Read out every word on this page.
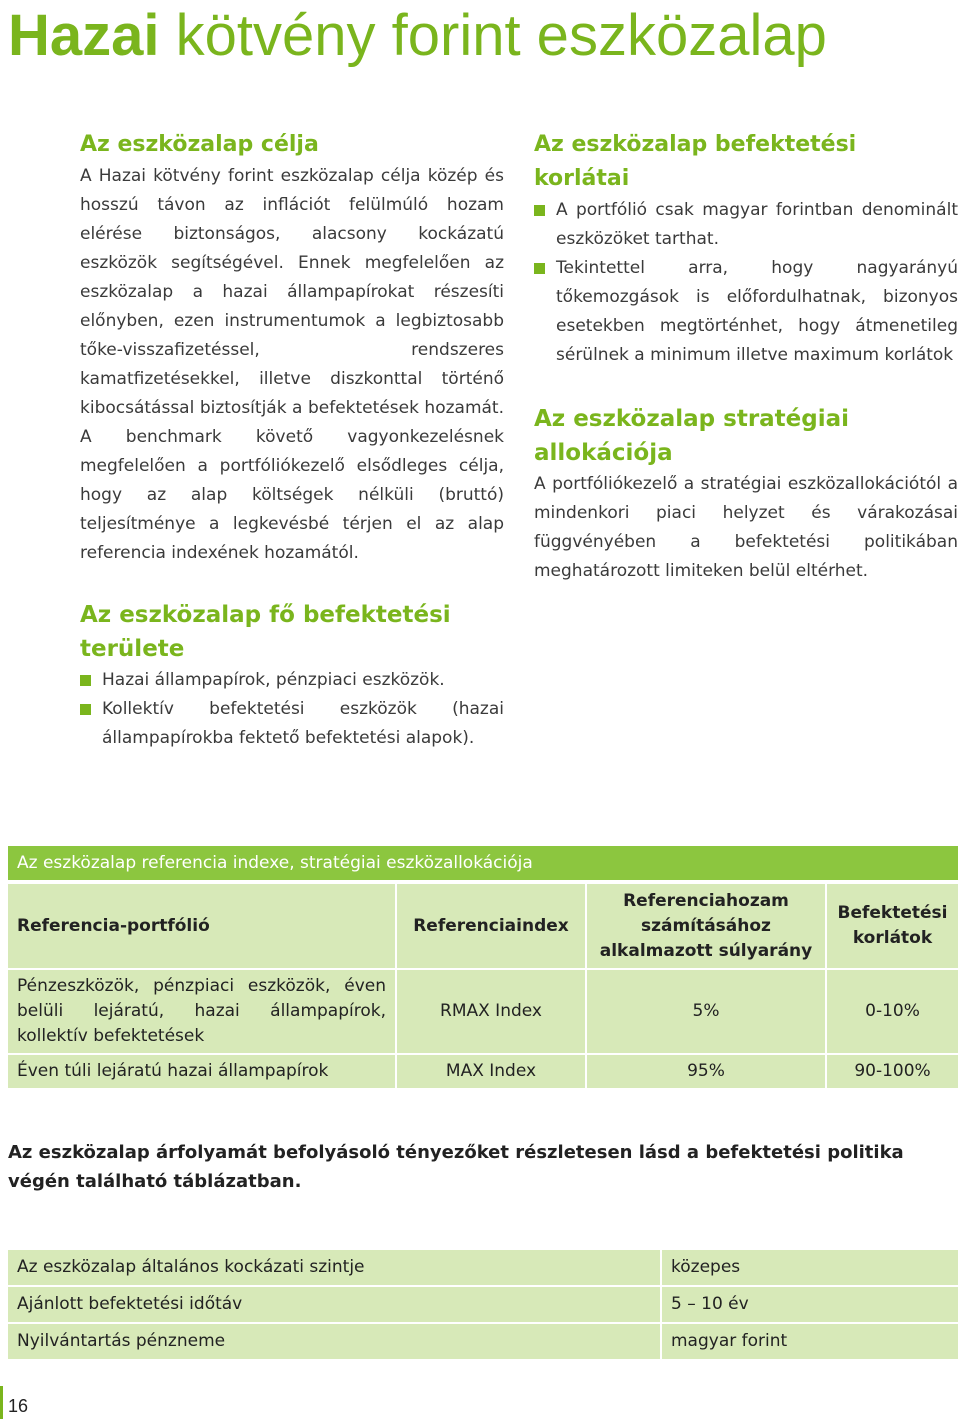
Hazai kötvény forint eszközalap
Az eszközalap célja

A Hazai kötvény forint eszközalap célja közép és hosszú távon az inflációt felülmúló hozam elérése biztonságos, alacsony kockázatú eszközök segítségével. Ennek megfelelően az eszközalap a hazai állampapírokat részesíti előnyben, ezen instrumentumok a legbiztosabb tőke-visszafizetéssel, rendszeres kamatfizetésekkel, illetve diszkonttal történő kibocsátással biztosítják a befektetések hozamát. A benchmark követő vagyonkezelésnek megfelelően a portfóliókezelő elsődleges célja, hogy az alap költségek nélküli (bruttó) teljesítménye a legkevésbé térjen el az alap referencia indexének hozamától.

Az eszközalap fő befektetési területe
Hazai állampapírok, pénzpiaci eszközök.
Kollektív befektetési eszközök (hazai állampapírokba fektető befektetési alapok).
Az eszközalap befektetési korlátai
A portfólió csak magyar forintban denominált eszközöket tarthat.
Tekintettel arra, hogy nagyarányú tőkemozgások is előfordulhatnak, bizonyos esetekben megtörténhet, hogy átmenetileg sérülnek a minimum illetve maximum korlátok
Az eszközalap stratégiai allokációja

A portfóliókezelő a stratégiai eszközallokációtól a mindenkori piaci helyzet és várakozásai függvényében a befektetési politikában meghatározott limiteken belül eltérhet.

Az eszközalap referencia indexe, stratégiai eszközallokációja
Referencia-portfólió	Referenciaindex	Referenciahozam számításához alkalmazott súlyarány	Befektetési korlátok
Pénzeszközök, pénzpiaci eszközök, éven belüli lejáratú, hazai állampapírok, kollektív befektetések	RMAX Index	5%	0-10%
Éven túli lejáratú hazai állampapírok	MAX Index	95%	90-100%

Az eszközalap árfolyamát befolyásoló tényezőket részletesen lásd a befektetési politika végén található táblázatban.

Az eszközalap általános kockázati szintje	közepes
Ajánlott befektetési időtáv	5 – 10 év
Nyilvántartás pénzneme	magyar forint
16
